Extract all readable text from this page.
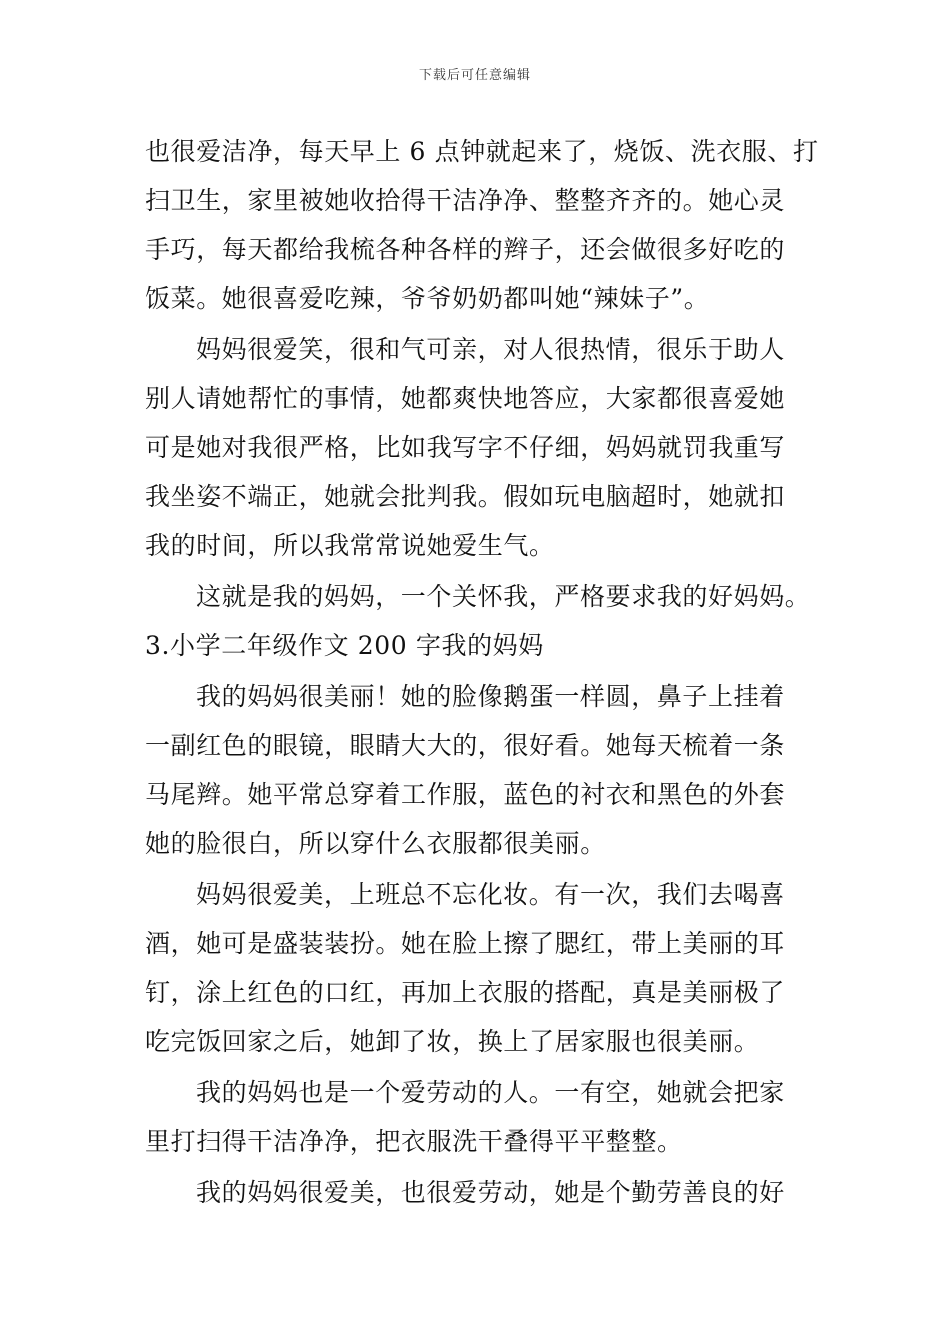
下载后可任意编辑
也很爱洁净，每天早上 6 点钟就起来了，烧饭、洗衣服、打
扫卫生，家里被她收拾得干洁净净、整整齐齐的。她心灵
手巧，每天都给我梳各种各样的辫子，还会做很多好吃的
饭菜。她很喜爱吃辣，爷爷奶奶都叫她“辣妹子”。
妈妈很爱笑，很和气可亲，对人很热情，很乐于助人
别人请她帮忙的事情，她都爽快地答应，大家都很喜爱她
可是她对我很严格，比如我写字不仔细，妈妈就罚我重写
我坐姿不端正，她就会批判我。假如玩电脑超时，她就扣
我的时间，所以我常常说她爱生气。
这就是我的妈妈，一个关怀我，严格要求我的好妈妈。
3.小学二年级作文 200 字我的妈妈
我的妈妈很美丽！她的脸像鹅蛋一样圆，鼻子上挂着
一副红色的眼镜，眼睛大大的，很好看。她每天梳着一条
马尾辫。她平常总穿着工作服，蓝色的衬衣和黑色的外套
她的脸很白，所以穿什么衣服都很美丽。
妈妈很爱美，上班总不忘化妆。有一次，我们去喝喜
酒，她可是盛装装扮。她在脸上擦了腮红，带上美丽的耳
钉，涂上红色的口红，再加上衣服的搭配，真是美丽极了
吃完饭回家之后，她卸了妆，换上了居家服也很美丽。
我的妈妈也是一个爱劳动的人。一有空，她就会把家
里打扫得干洁净净，把衣服洗干叠得平平整整。
我的妈妈很爱美，也很爱劳动，她是个勤劳善良的好
